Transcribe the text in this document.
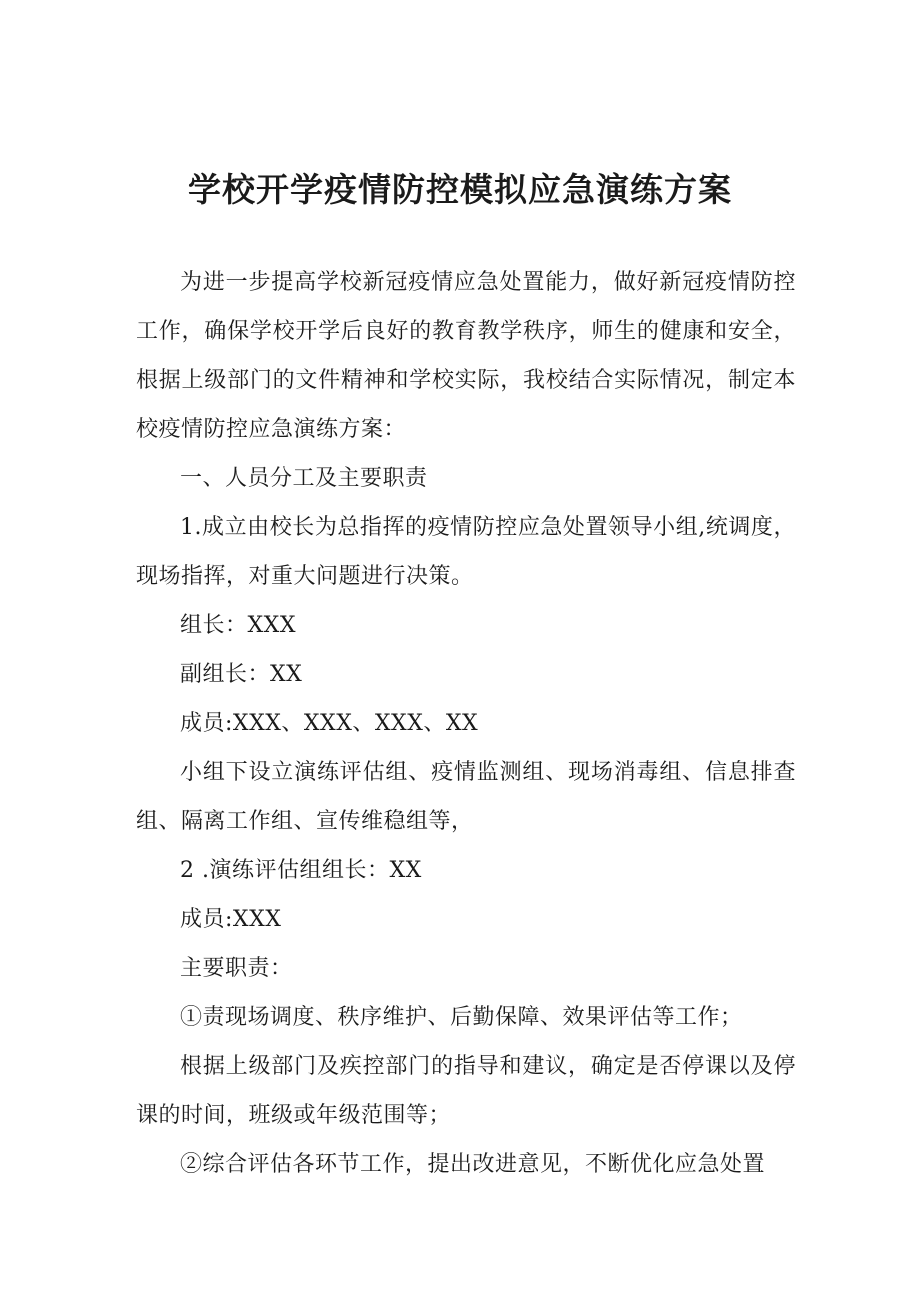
学校开学疫情防控模拟应急演练方案

为进一步提高学校新冠疫情应急处置能力，做好新冠疫情防控工作，确保学校开学后良好的教育教学秩序，师生的健康和安全，根据上级部门的文件精神和学校实际，我校结合实际情况，制定本校疫情防控应急演练方案：

一、人员分工及主要职责

1.成立由校长为总指挥的疫情防控应急处置领导小组,统调度，现场指挥，对重大问题进行决策。

组长：XXX

副组长：XX

成员:XXX、XXX、XXX、XX

小组下设立演练评估组、疫情监测组、现场消毒组、信息排查组、隔离工作组、宣传维稳组等，

2 .演练评估组组长：XX

成员:XXX

主要职责：

①责现场调度、秩序维护、后勤保障、效果评估等工作；

根据上级部门及疾控部门的指导和建议，确定是否停课以及停课的时间，班级或年级范围等；

②综合评估各环节工作，提出改进意见，不断优化应急处置
